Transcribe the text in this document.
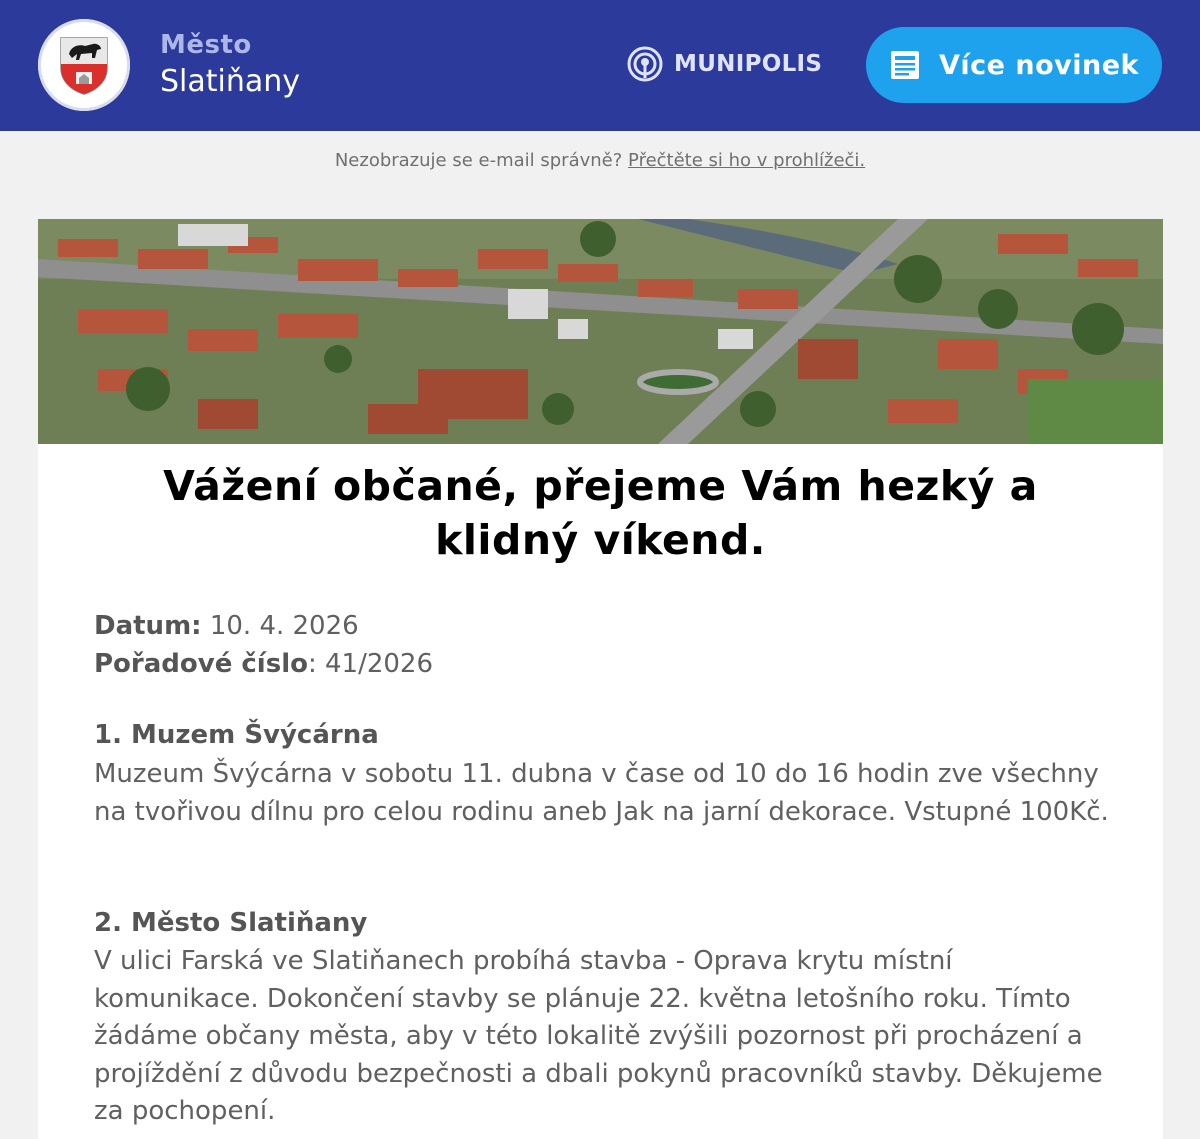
Město
Slatiňany	MUNIPOLIS	Více novinek
Nezobrazuje se e-mail správně? Přečtěte si ho v prohlížeči.
Vážení občané, přejeme Vám hezký a klidný víkend.
Datum: 10. 4. 2026
Pořadové číslo: 41/2026
1. Muzem Švýcárna
Muzeum Švýcárna v sobotu 11. dubna v čase od 10 do 16 hodin zve všechny na tvořivou dílnu pro celou rodinu aneb Jak na jarní dekorace. Vstupné 100Kč.
2. Město Slatiňany
V ulici Farská ve Slatiňanech probíhá stavba - Oprava krytu místní komunikace. Dokončení stavby se plánuje 22. května letošního roku. Tímto žádáme občany města, aby v této lokalitě zvýšili pozornost při procházení a projíždění z důvodu bezpečnosti a dbali pokynů pracovníků stavby. Děkujeme za pochopení.
